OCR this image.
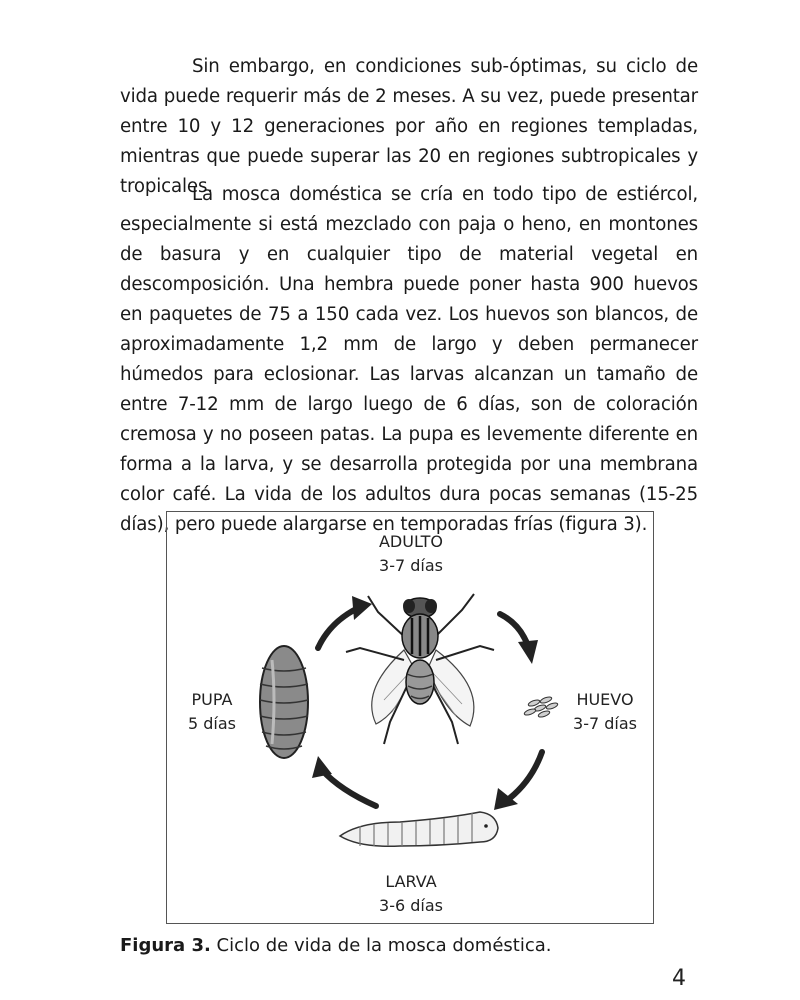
Sin embargo, en condiciones sub-óptimas, su ciclo de vida puede requerir más de 2 meses. A su vez, puede presentar entre 10 y 12 generaciones por año en regiones templadas, mientras que puede superar las 20 en regiones subtropicales y tropicales.

La mosca doméstica se cría en todo tipo de estiércol, especialmente si está mezclado con paja o heno, en montones de basura y en cualquier tipo de material vegetal en descomposición. Una hembra puede poner hasta 900 huevos en paquetes de 75 a 150 cada vez. Los huevos son blancos, de aproximadamente 1,2 mm de largo y deben permanecer húmedos para eclosionar. Las larvas alcanzan un tamaño de entre 7-12 mm de largo luego de 6 días, son de coloración cremosa y no poseen patas. La pupa es levemente diferente en forma a la larva, y se desarrolla protegida por una membrana color café. La vida de los adultos dura pocas semanas (15-25 días), pero puede alargarse en temporadas frías (figura 3).

ADULTO
3-7 días
PUPA
5 días
HUEVO
3-7 días
LARVA
3-6 días
Figura 3. Ciclo de vida de la mosca doméstica.
4
